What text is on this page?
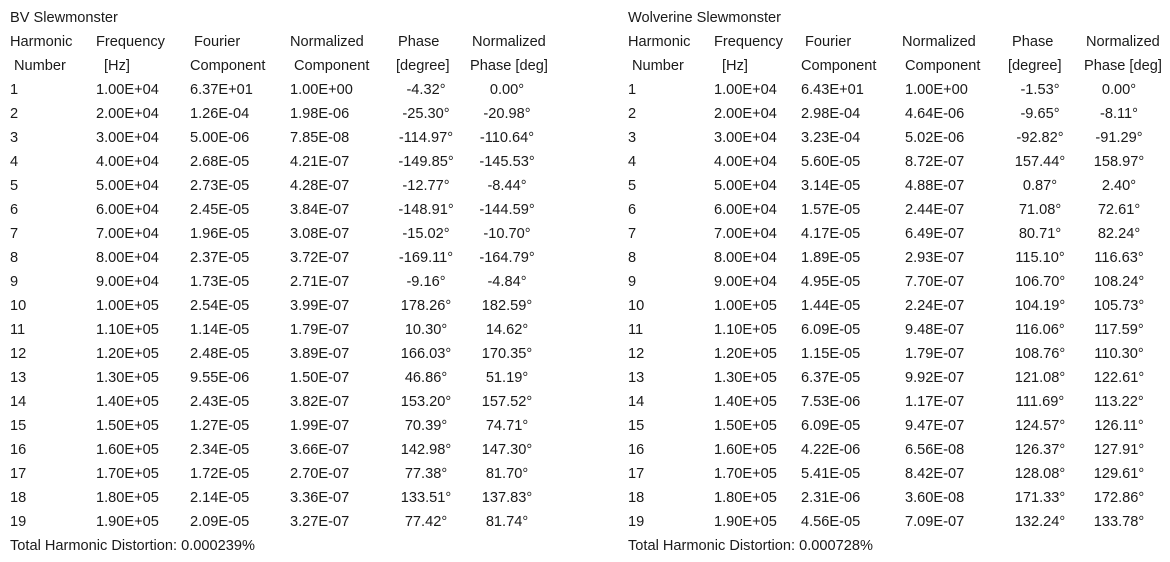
BV Slewmonster
Harmonic Frequency Fourier	Normalized Phase Normalized
Number	[Hz]	Component Component [degree] Phase [deg]
1	1.00E+04 6.37E+01	1.00E+00	-4.32°	0.00°
2	2.00E+04 1.26E-04	1.98E-06	-25.30°	-20.98°
3	3.00E+04 5.00E-06	7.85E-08	-114.97°	-110.64°
4	4.00E+04 2.68E-05	4.21E-07	-149.85°	-145.53°
5	5.00E+04 2.73E-05	4.28E-07	-12.77°	-8.44°
6	6.00E+04 2.45E-05	3.84E-07	-148.91°	-144.59°
7	7.00E+04 1.96E-05	3.08E-07	-15.02°	-10.70°
8	8.00E+04 2.37E-05	3.72E-07	-169.11°	-164.79°
9	9.00E+04 1.73E-05	2.71E-07	-9.16°	-4.84°
10	1.00E+05 2.54E-05	3.99E-07	178.26°	182.59°
11	1.10E+05 1.14E-05	1.79E-07	10.30°	14.62°
12	1.20E+05 2.48E-05	3.89E-07	166.03°	170.35°
13	1.30E+05 9.55E-06	1.50E-07	46.86°	51.19°
14	1.40E+05 2.43E-05	3.82E-07	153.20°	157.52°
15	1.50E+05 1.27E-05	1.99E-07	70.39°	74.71°
16	1.60E+05 2.34E-05	3.66E-07	142.98°	147.30°
17	1.70E+05 1.72E-05	2.70E-07	77.38°	81.70°
18	1.80E+05 2.14E-05	3.36E-07	133.51°	137.83°
19	1.90E+05 2.09E-05	3.27E-07	77.42°	81.74°
Total Harmonic Distortion: 0.000239%
Wolverine Slewmonster
Harmonic Frequency Fourier	Normalized Phase Normalized
Number	[Hz]	Component Component [degree] Phase [deg]
1	1.00E+04 6.43E+01	1.00E+00	-1.53°	0.00°
2	2.00E+04 2.98E-04	4.64E-06	-9.65°	-8.11°
3	3.00E+04 3.23E-04	5.02E-06	-92.82°	-91.29°
4	4.00E+04 5.60E-05	8.72E-07	157.44°	158.97°
5	5.00E+04 3.14E-05	4.88E-07	0.87°	2.40°
6	6.00E+04 1.57E-05	2.44E-07	71.08°	72.61°
7	7.00E+04 4.17E-05	6.49E-07	80.71°	82.24°
8	8.00E+04 1.89E-05	2.93E-07	115.10°	116.63°
9	9.00E+04 4.95E-05	7.70E-07	106.70°	108.24°
10	1.00E+05 1.44E-05	2.24E-07	104.19°	105.73°
11	1.10E+05 6.09E-05	9.48E-07	116.06°	117.59°
12	1.20E+05 1.15E-05	1.79E-07	108.76°	110.30°
13	1.30E+05 6.37E-05	9.92E-07	121.08°	122.61°
14	1.40E+05 7.53E-06	1.17E-07	111.69°	113.22°
15	1.50E+05 6.09E-05	9.47E-07	124.57°	126.11°
16	1.60E+05 4.22E-06	6.56E-08	126.37°	127.91°
17	1.70E+05 5.41E-05	8.42E-07	128.08°	129.61°
18	1.80E+05 2.31E-06	3.60E-08	171.33°	172.86°
19	1.90E+05 4.56E-05	7.09E-07	132.24°	133.78°
Total Harmonic Distortion: 0.000728%
